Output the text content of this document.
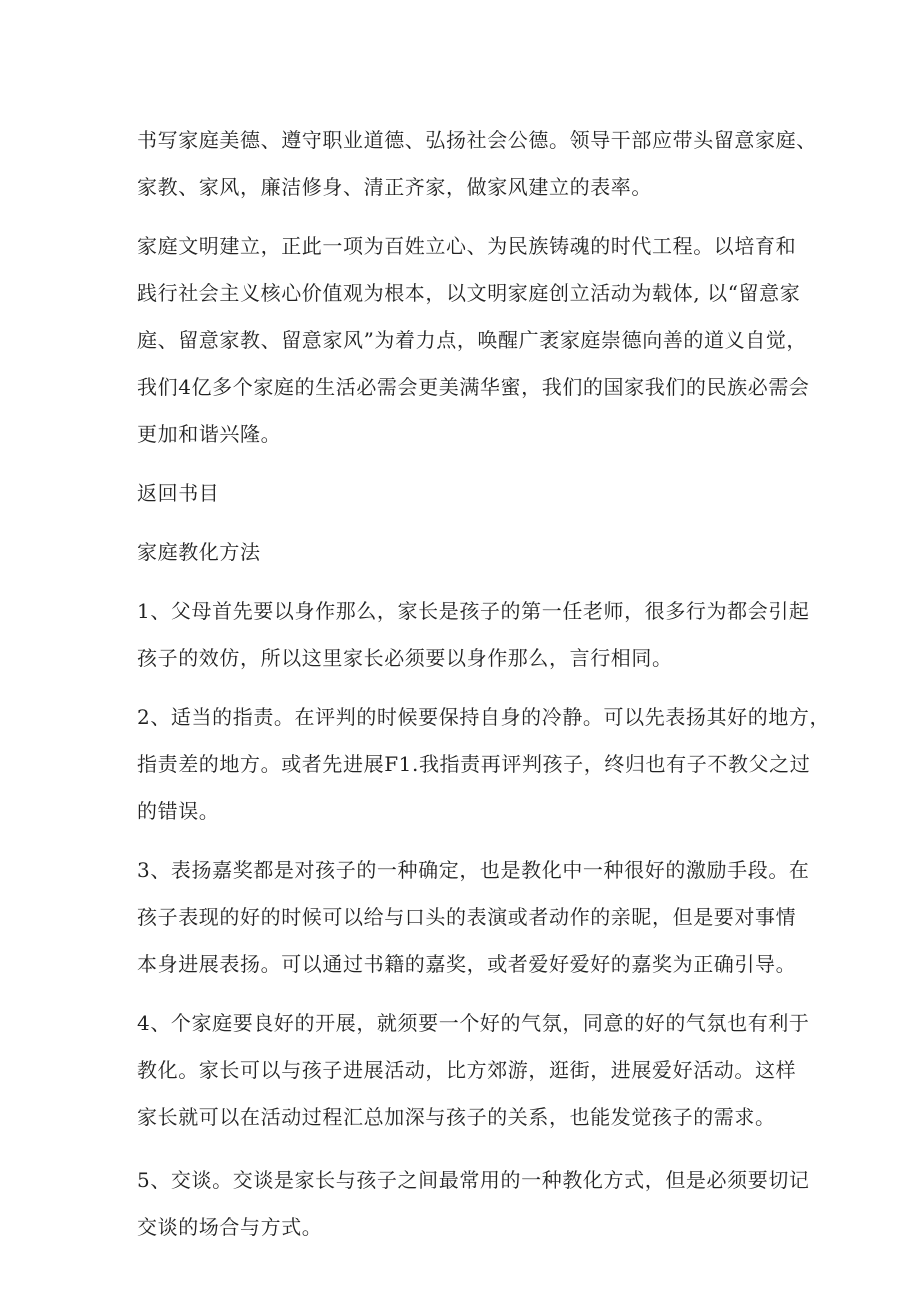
书写家庭美德、遵守职业道德、弘扬社会公德。领导干部应带头留意家庭、
家教、家风，廉洁修身、清正齐家，做家风建立的表率。

家庭文明建立，正此一项为百姓立心、为民族铸魂的时代工程。以培育和
践行社会主义核心价值观为根本，以文明家庭创立活动为载体, 以“留意家
庭、留意家教、留意家风”为着力点，唤醒广袤家庭崇德向善的道义自觉，
我们4亿多个家庭的生活必需会更美满华蜜，我们的国家我们的民族必需会
更加和谐兴隆。

返回书目

家庭教化方法

1、父母首先要以身作那么，家长是孩子的第一任老师，很多行为都会引起
孩子的效仿，所以这里家长必须要以身作那么，言行相同。

2、适当的指责。在评判的时候要保持自身的冷静。可以先表扬其好的地方，
指责差的地方。或者先进展F1.我指责再评判孩子，终归也有子不教父之过
的错误。

3、表扬嘉奖都是对孩子的一种确定，也是教化中一种很好的激励手段。在
孩子表现的好的时候可以给与口头的表演或者动作的亲昵，但是要对事情
本身进展表扬。可以通过书籍的嘉奖，或者爱好爱好的嘉奖为正确引导。

4、个家庭要良好的开展，就须要一个好的气氛，同意的好的气氛也有利于
教化。家长可以与孩子进展活动，比方郊游，逛街，进展爱好活动。这样
家长就可以在活动过程汇总加深与孩子的关系，也能发觉孩子的需求。

5、交谈。交谈是家长与孩子之间最常用的一种教化方式，但是必须要切记
交谈的场合与方式。
